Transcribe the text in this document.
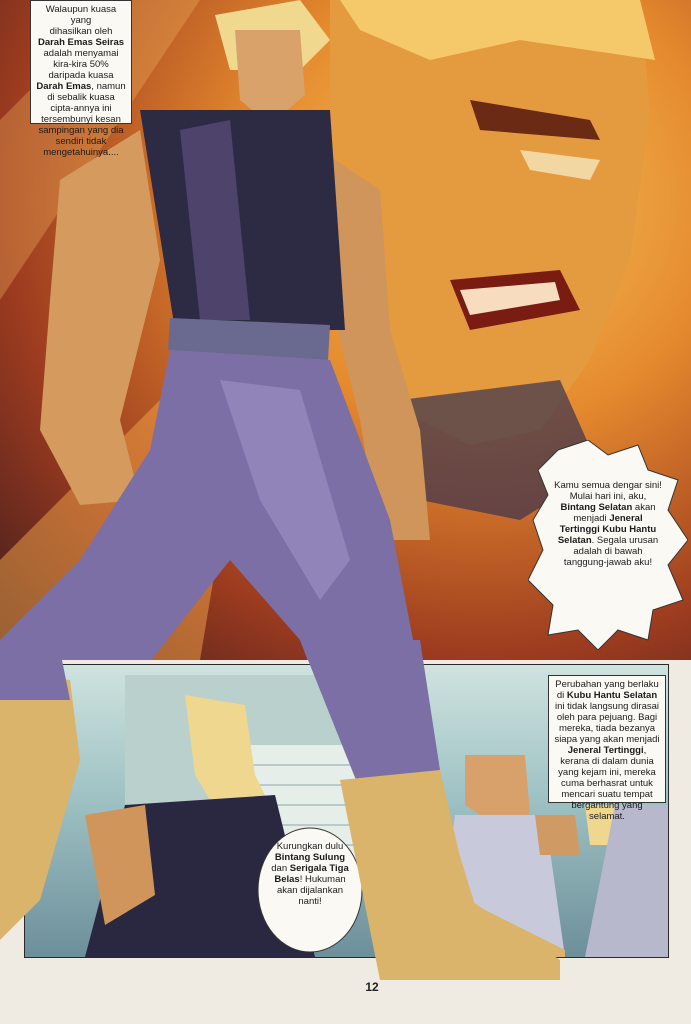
Walaupun kuasa yang
dihasilkan oleh Darah Emas Seiras adalah menyamai kira-kira 50% daripada kuasa Darah Emas, namun di sebalik kuasa cipta-annya ini tersembunyi kesan sampingan yang dia sendiri tidak mengetahuinya....
Kamu semua dengar sini! Mulai hari ini, aku, Bintang Selatan akan menjadi Jeneral Tertinggi Kubu Hantu Selatan. Segala urusan adalah di bawah tanggung-jawab aku!
Perubahan yang berlaku di Kubu Hantu Selatan ini tidak langsung dirasai oleh para pejuang. Bagi mereka, tiada bezanya siapa yang akan menjadi Jeneral Tertinggi, kerana di dalam dunia yang kejam ini, mereka cuma berhasrat untuk mencari suatu tempat bergantung yang selamat.
Kurungkan dulu Bintang Sulung dan Serigala Tiga Belas! Hukuman akan dijalankan nanti!
12
